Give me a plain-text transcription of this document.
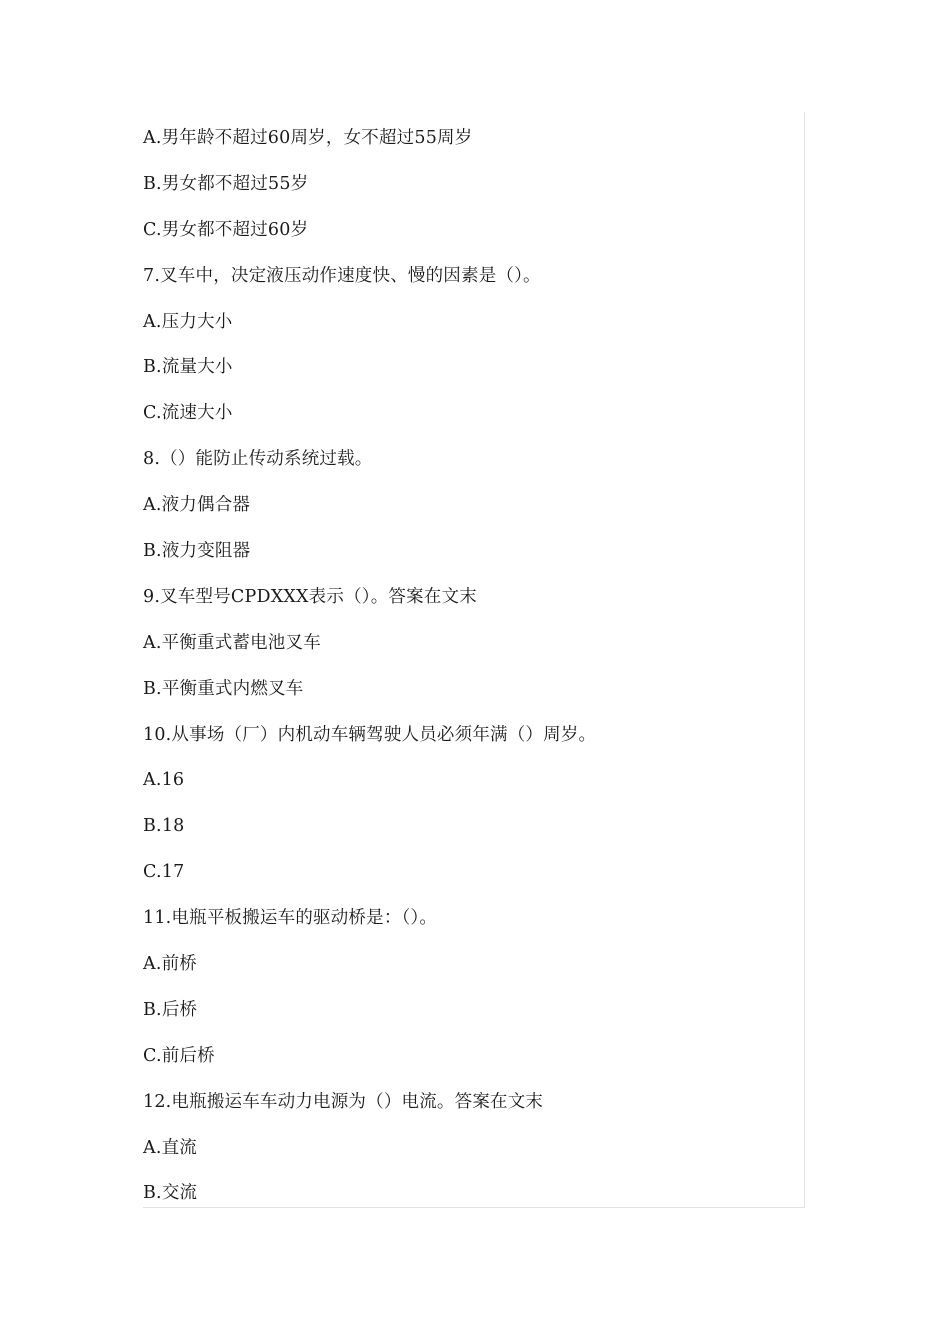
A.男年龄不超过60周岁，女不超过55周岁
B.男女都不超过55岁
C.男女都不超过60岁
7.叉车中，决定液压动作速度快、慢的因素是（）。
A.压力大小
B.流量大小
C.流速大小
8.（）能防止传动系统过载。
A.液力偶合器
B.液力变阻器
9.叉车型号CPDXXX表示（）。答案在文末
A.平衡重式蓄电池叉车
B.平衡重式内燃叉车
10.从事场（厂）内机动车辆驾驶人员必须年满（）周岁。
A.16
B.18
C.17
11.电瓶平板搬运车的驱动桥是：（）。
A.前桥
B.后桥
C.前后桥
12.电瓶搬运车车动力电源为（）电流。答案在文末
A.直流
B.交流
